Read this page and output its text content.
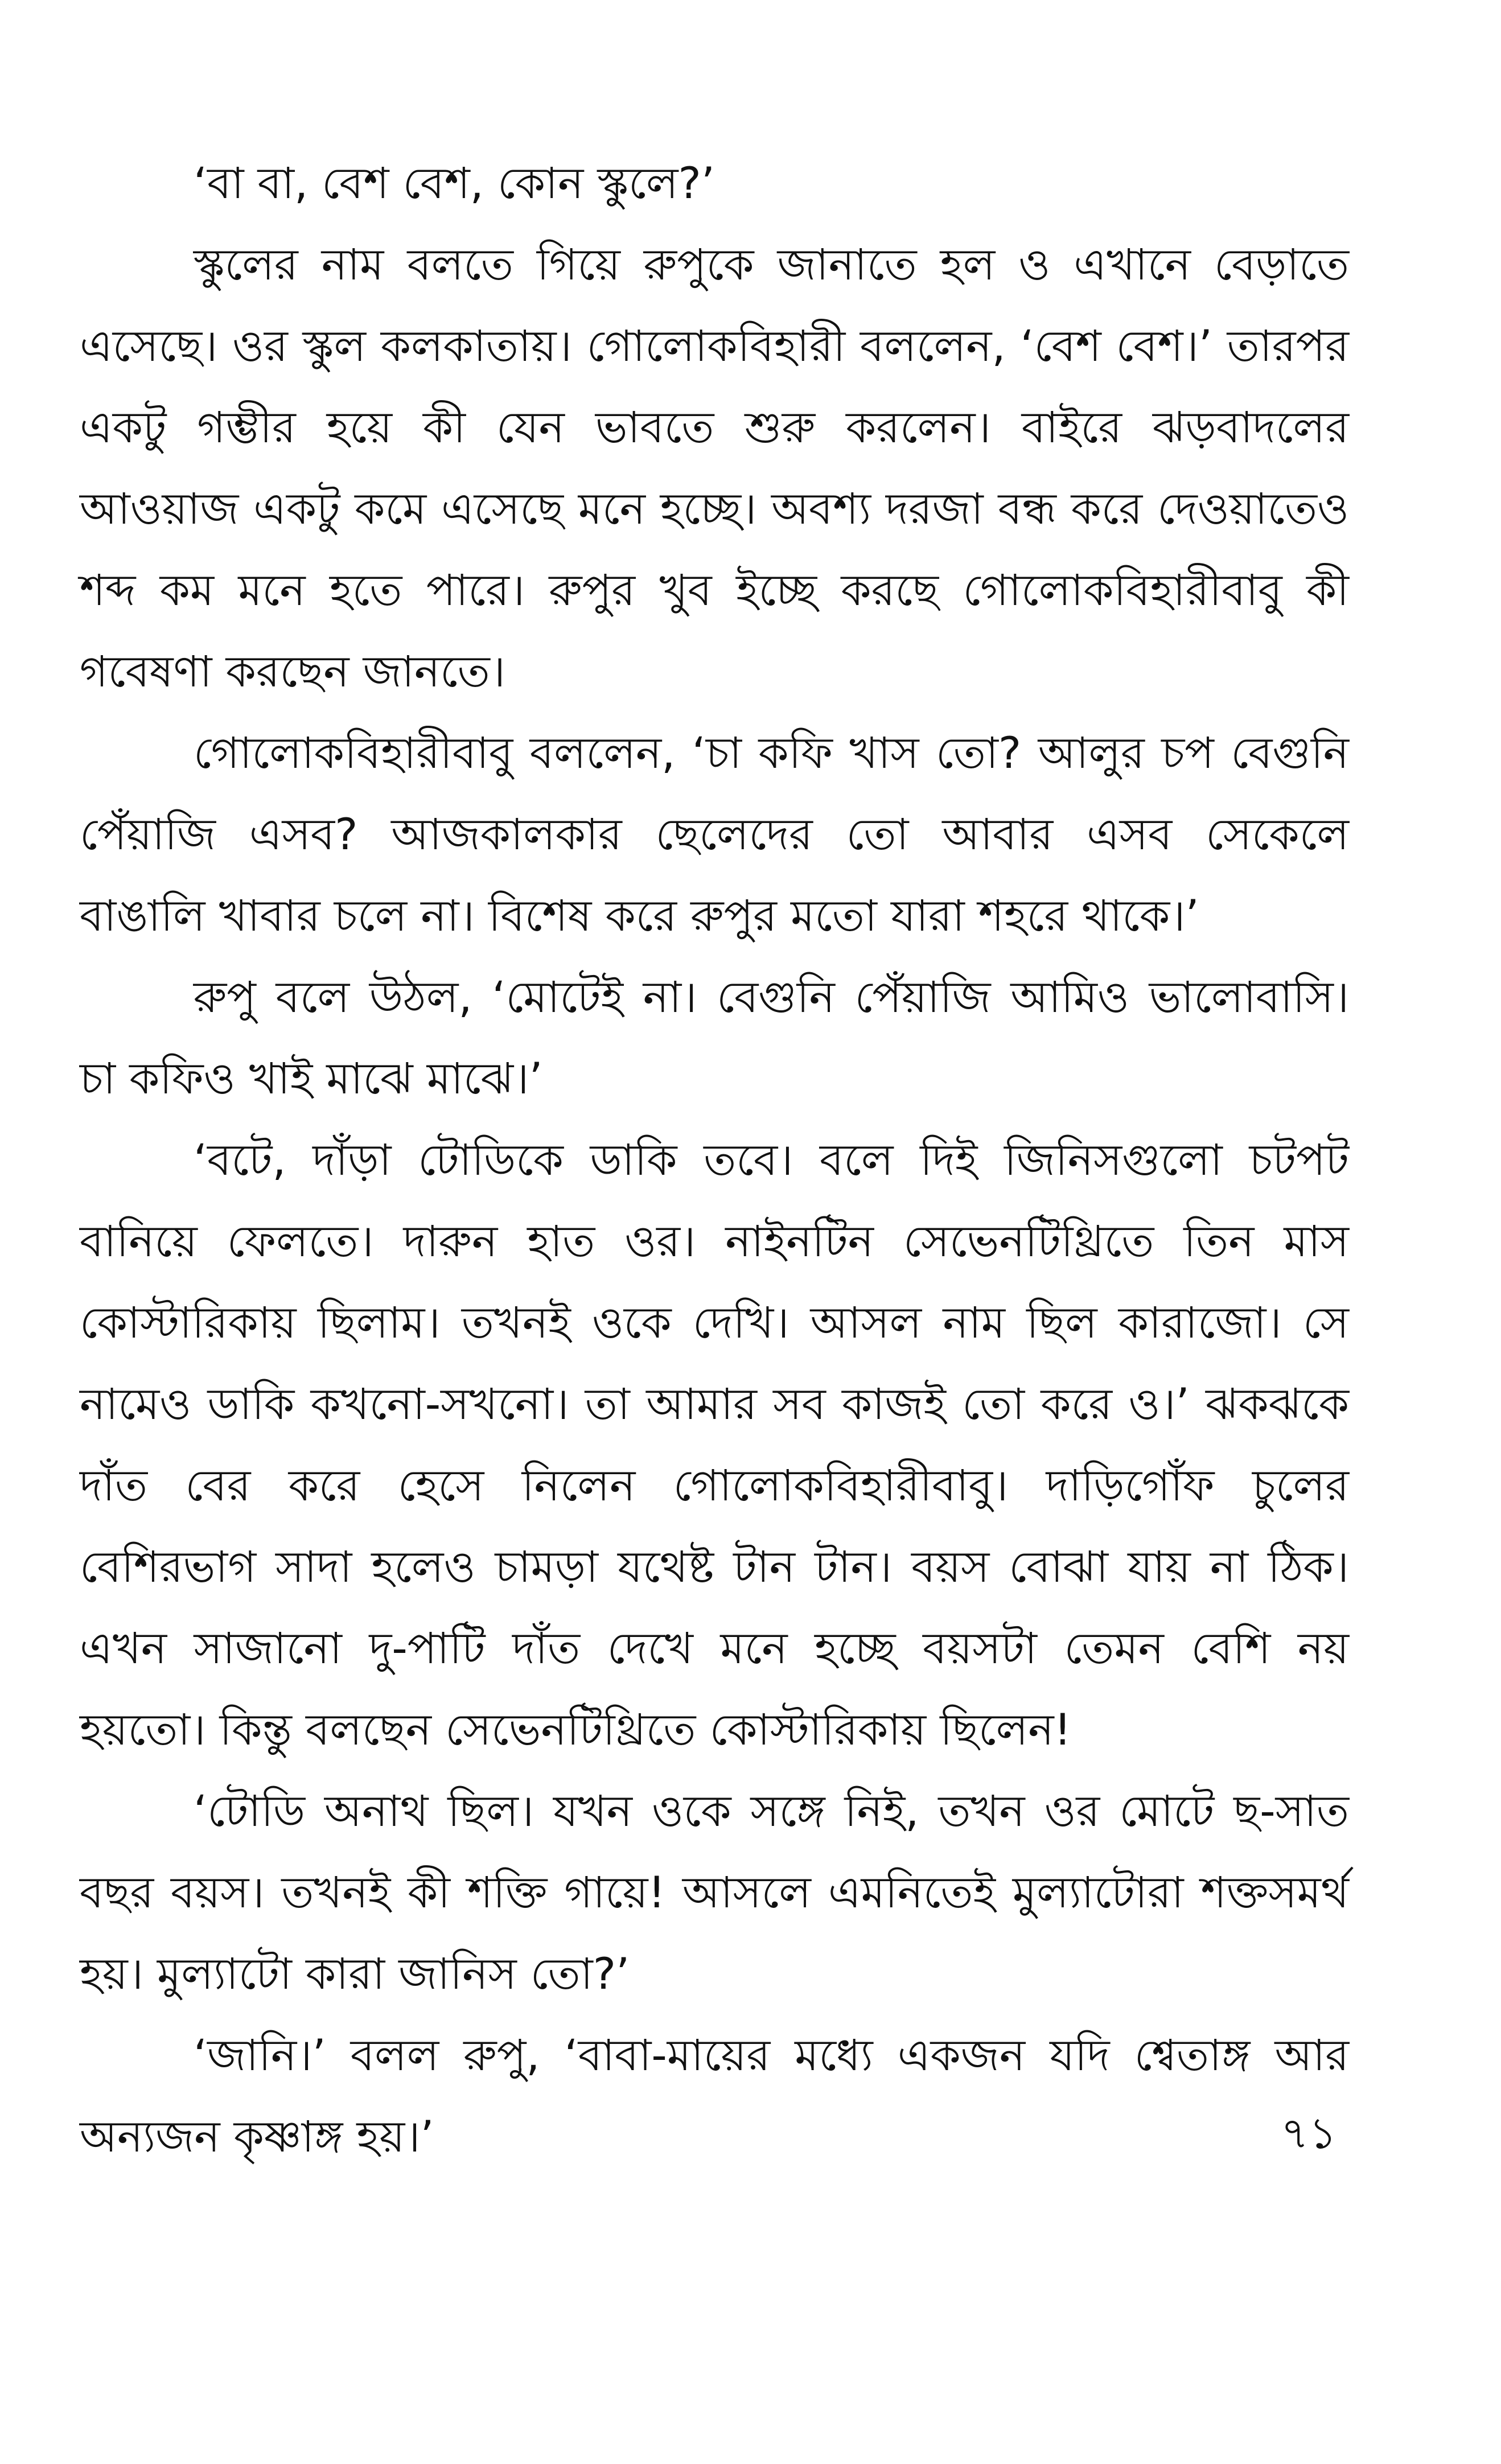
‘বা বা, বেশ বেশ, কোন স্কুলে?’

স্কুলের নাম বলতে গিয়ে রুপুকে জানাতে হল ও এখানে বেড়াতে এসেছে। ওর স্কুল কলকাতায়। গোলোকবিহারী বললেন, ‘বেশ বেশ।’ তারপর একটু গম্ভীর হয়ে কী যেন ভাবতে শুরু করলেন। বাইরে ঝড়বাদলের আওয়াজ একটু কমে এসেছে মনে হচ্ছে। অবশ্য দরজা বন্ধ করে দেওয়াতেও শব্দ কম মনে হতে পারে। রুপুর খুব ইচ্ছে করছে গোলোকবিহারীবাবু কী গবেষণা করছেন জানতে।

গোলোকবিহারীবাবু বললেন, ‘চা কফি খাস তো? আলুর চপ বেগুনি পেঁয়াজি এসব? আজকালকার ছেলেদের তো আবার এসব সেকেলে বাঙালি খাবার চলে না। বিশেষ করে রুপুর মতো যারা শহরে থাকে।’

রুপু বলে উঠল, ‘মোটেই না। বেগুনি পেঁয়াজি আমিও ভালোবাসি। চা কফিও খাই মাঝে মাঝে।’

‘বটে, দাঁড়া টোডিকে ডাকি তবে। বলে দিই জিনিসগুলো চটপট বানিয়ে ফেলতে। দারুন হাত ওর। নাইনটিন সেভেনটিথ্রিতে তিন মাস কোস্টারিকায় ছিলাম। তখনই ওকে দেখি। আসল নাম ছিল কারাজো। সে নামেও ডাকি কখনো-সখনো। তা আমার সব কাজই তো করে ও।’ ঝকঝকে দাঁত বের করে হেসে নিলেন গোলোকবিহারীবাবু। দাড়িগোঁফ চুলের বেশিরভাগ সাদা হলেও চামড়া যথেষ্ট টান টান। বয়স বোঝা যায় না ঠিক। এখন সাজানো দু-পাটি দাঁত দেখে মনে হচ্ছে বয়সটা তেমন বেশি নয় হয়তো। কিন্তু বলছেন সেভেনটিথ্রিতে কোস্টারিকায় ছিলেন!

‘টোডি অনাথ ছিল। যখন ওকে সঙ্গে নিই, তখন ওর মোটে ছ-সাত বছর বয়স। তখনই কী শক্তি গায়ে! আসলে এমনিতেই মুল্যাটোরা শক্তসমর্থ হয়। মুল্যাটো কারা জানিস তো?’

‘জানি।’ বলল রুপু, ‘বাবা-মায়ের মধ্যে একজন যদি শ্বেতাঙ্গ আর অন্যজন কৃষ্ণাঙ্গ হয়।’	৭১
